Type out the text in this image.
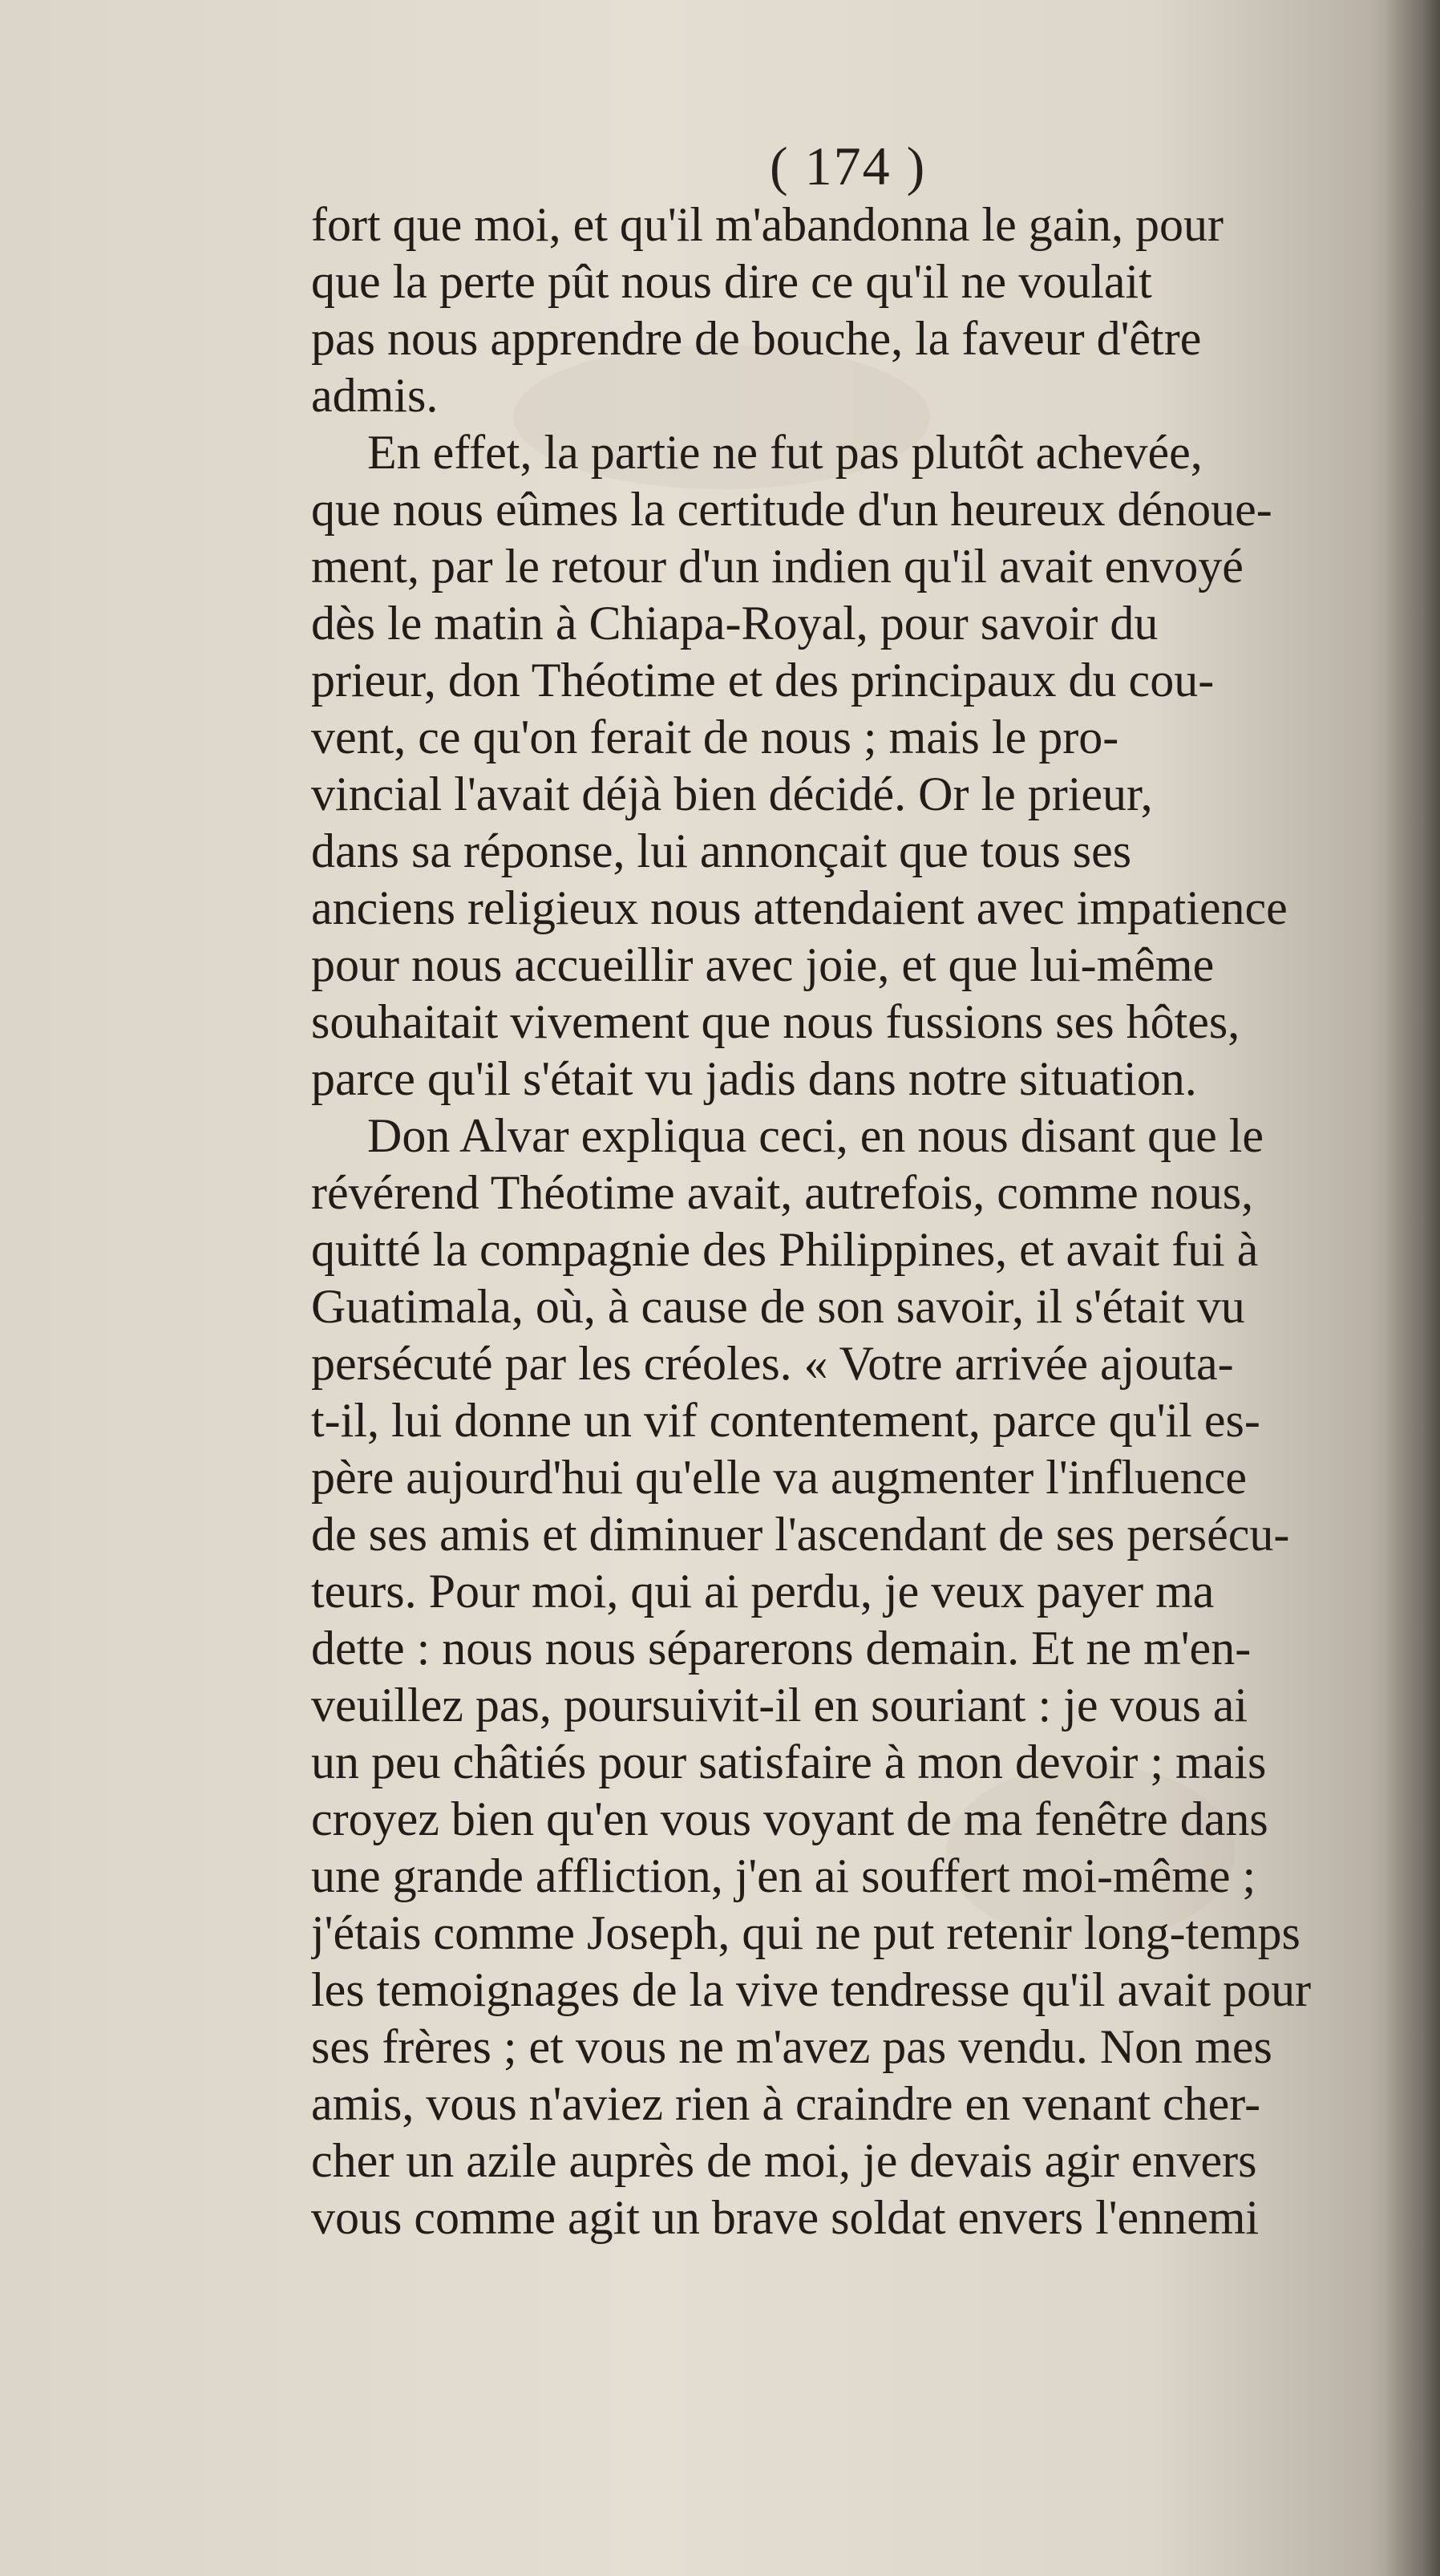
( 174 )
fort que moi, et qu'il m'abandonna le gain, pour
que la perte pût nous dire ce qu'il ne voulait
pas nous apprendre de bouche, la faveur d'être
admis.
En effet, la partie ne fut pas plutôt achevée,
que nous eûmes la certitude d'un heureux dénoue-
ment, par le retour d'un indien qu'il avait envoyé
dès le matin à Chiapa-Royal, pour savoir du
prieur, don Théotime et des principaux du cou-
vent, ce qu'on ferait de nous ; mais le pro-
vincial l'avait déjà bien décidé. Or le prieur,
dans sa réponse, lui annonçait que tous ses
anciens religieux nous attendaient avec impatience
pour nous accueillir avec joie, et que lui-même
souhaitait vivement que nous fussions ses hôtes,
parce qu'il s'était vu jadis dans notre situation.
Don Alvar expliqua ceci, en nous disant que le
révérend Théotime avait, autrefois, comme nous,
quitté la compagnie des Philippines, et avait fui à
Guatimala, où, à cause de son savoir, il s'était vu
persécuté par les créoles. « Votre arrivée ajouta-
t-il, lui donne un vif contentement, parce qu'il es-
père aujourd'hui qu'elle va augmenter l'influence
de ses amis et diminuer l'ascendant de ses persécu-
teurs. Pour moi, qui ai perdu, je veux payer ma
dette : nous nous séparerons demain. Et ne m'en-
veuillez pas, poursuivit-il en souriant : je vous ai
un peu châtiés pour satisfaire à mon devoir ; mais
croyez bien qu'en vous voyant de ma fenêtre dans
une grande affliction, j'en ai souffert moi-même ;
j'étais comme Joseph, qui ne put retenir long-temps
les temoignages de la vive tendresse qu'il avait pour
ses frères ; et vous ne m'avez pas vendu. Non mes
amis, vous n'aviez rien à craindre en venant cher-
cher un azile auprès de moi, je devais agir envers
vous comme agit un brave soldat envers l'ennemi
